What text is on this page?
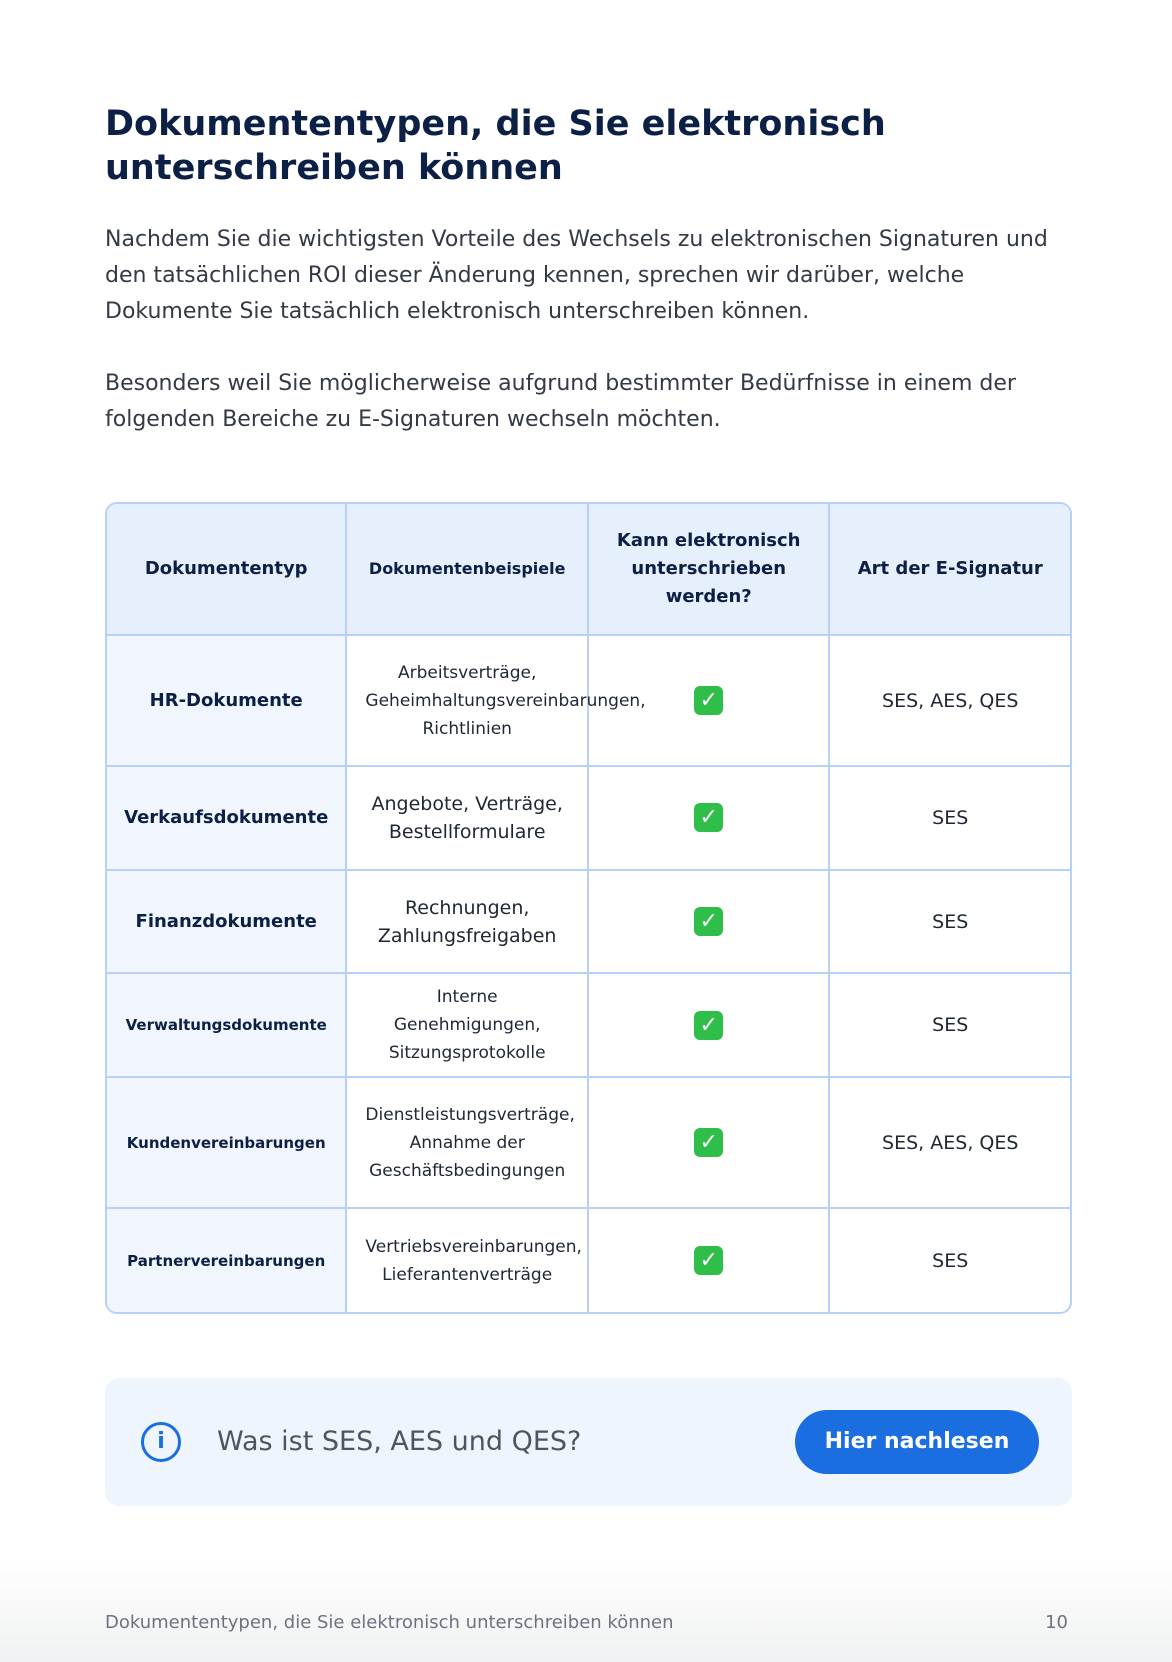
Dokumententypen, die Sie elektronisch unterschreiben können

Nachdem Sie die wichtigsten Vorteile des Wechsels zu elektronischen Signaturen und den tatsächlichen ROI dieser Änderung kennen, sprechen wir darüber, welche Dokumente Sie tatsächlich elektronisch unterschreiben können.

Besonders weil Sie möglicherweise aufgrund bestimmter Bedürfnisse in einem der folgenden Bereiche zu E-Signaturen wechseln möchten.

Dokumententyp	Dokumentenbeispiele	Kann elektronisch unterschrieben werden?	Art der E-Signatur
HR-Dokumente	Arbeitsverträge, Geheimhaltungsvereinbarungen, Richtlinien	✓	SES, AES, QES
Verkaufsdokumente	Angebote, Verträge, Bestellformulare	✓	SES
Finanzdokumente	Rechnungen, Zahlungsfreigaben	✓	SES
Verwaltungsdokumente	Interne Genehmigungen, Sitzungsprotokolle	✓	SES
Kundenvereinbarungen	Dienstleistungsverträge, Annahme der Geschäftsbedingungen	✓	SES, AES, QES
Partnervereinbarungen	Vertriebsvereinbarungen, Lieferantenverträge	✓	SES
i	Was ist SES, AES und QES?	Hier nachlesen
Dokumententypen, die Sie elektronisch unterschreiben können	10
